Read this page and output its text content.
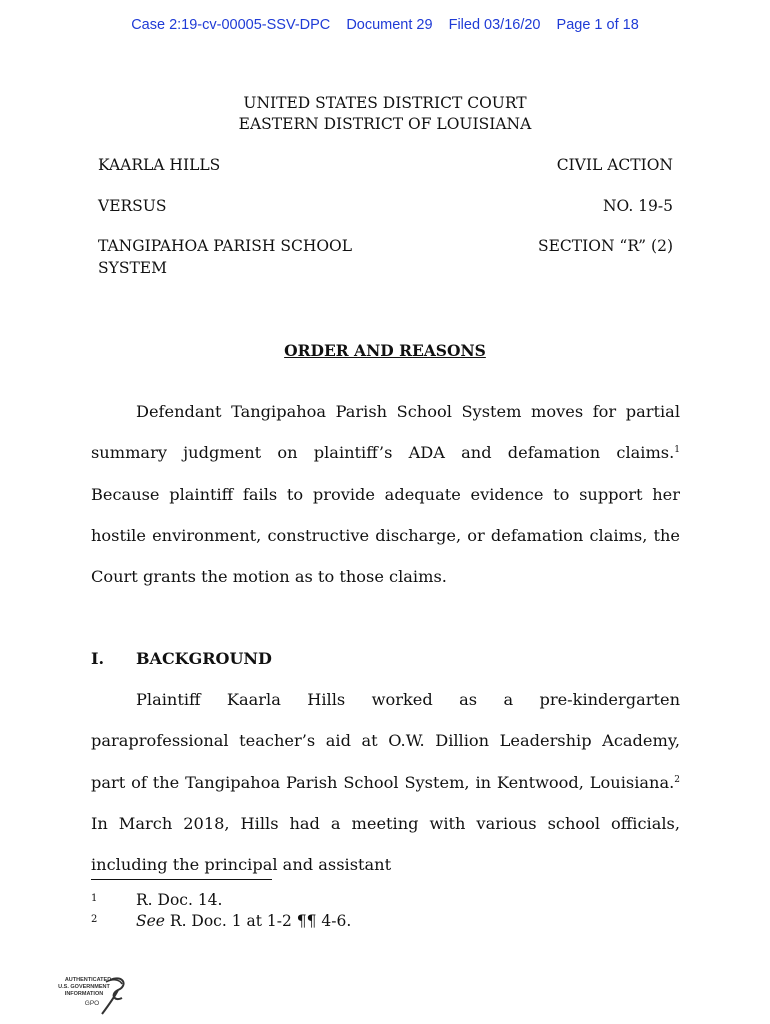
Case 2:19-cv-00005-SSV-DPC Document 29 Filed 03/16/20 Page 1 of 18
UNITED STATES DISTRICT COURT
EASTERN DISTRICT OF LOUISIANA
KAARLA HILLS
VERSUS
TANGIPAHOA PARISH SCHOOL
SYSTEM
CIVIL ACTION
NO. 19-5
SECTION “R” (2)
ORDER AND REASONS

Defendant Tangipahoa Parish School System moves for partial summary judgment on plaintiff’s ADA and defamation claims.$^1$  Because plaintiff fails to provide adequate evidence to support her hostile environment, constructive discharge, or defamation claims, the Court grants the motion as to those claims.

I. BACKGROUND

Plaintiff Kaarla Hills worked as a pre-kindergarten paraprofessional teacher’s aid at O.W. Dillion Leadership Academy, part of the Tangipahoa Parish School System, in Kentwood, Louisiana.$^2$  In March 2018, Hills had a meeting with various school officials, including the principal and assistant

1 R. Doc. 14.
2 See R. Doc. 1 at 1-2 ¶¶ 4-6.
AUTHENTICATED
U.S. GOVERNMENT
INFORMATION
GPO
